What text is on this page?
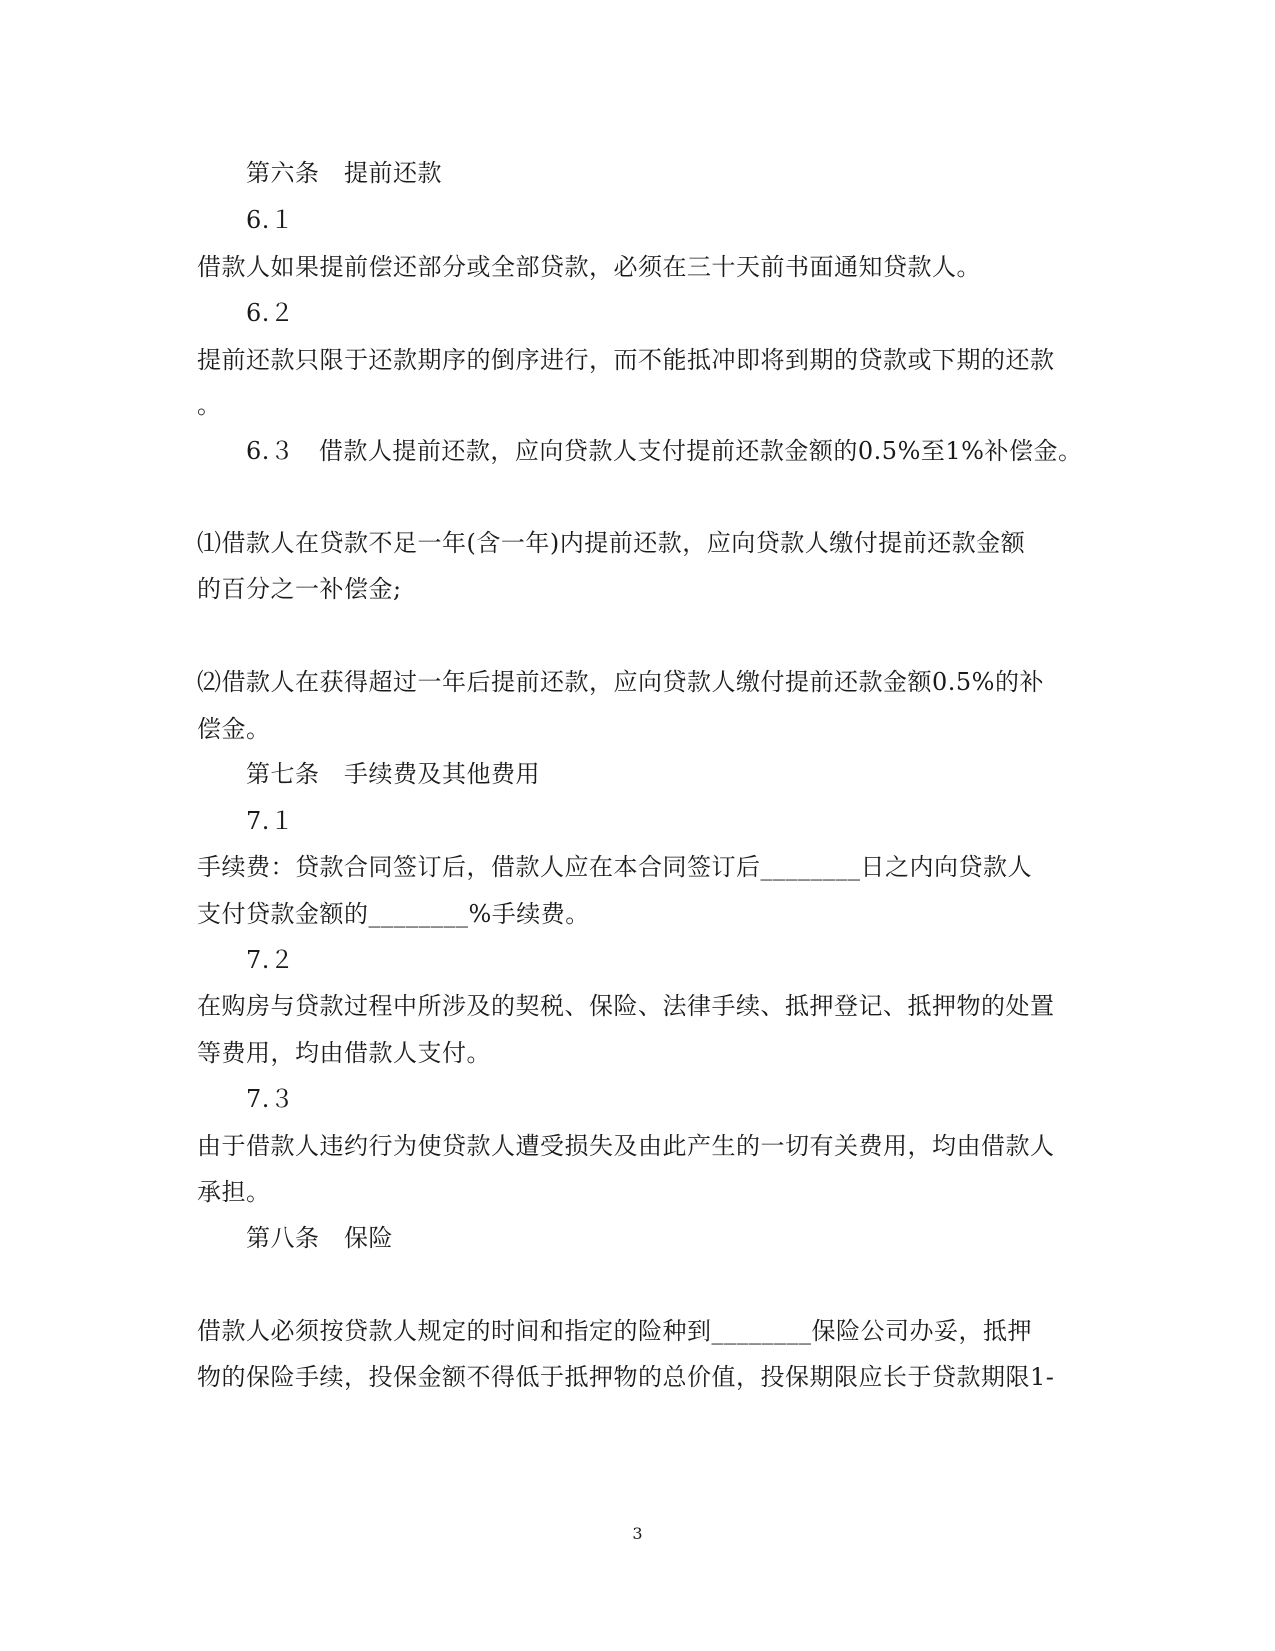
第六条　提前还款
6.１
借款人如果提前偿还部分或全部贷款，必须在三十天前书面通知贷款人。
6.２
提前还款只限于还款期序的倒序进行，而不能抵冲即将到期的贷款或下期的还款
。
6.３　借款人提前还款，应向贷款人支付提前还款金额的0.5%至1%补偿金。
⑴借款人在贷款不足一年(含一年)内提前还款，应向贷款人缴付提前还款金额
的百分之一补偿金;
⑵借款人在获得超过一年后提前还款，应向贷款人缴付提前还款金额0.5%的补
偿金。
第七条　手续费及其他费用
7.１
手续费：贷款合同签订后，借款人应在本合同签订后________日之内向贷款人
支付贷款金额的________%手续费。
7.２
在购房与贷款过程中所涉及的契税、保险、法律手续、抵押登记、抵押物的处置
等费用，均由借款人支付。
7.３
由于借款人违约行为使贷款人遭受损失及由此产生的一切有关费用，均由借款人
承担。
第八条　保险
借款人必须按贷款人规定的时间和指定的险种到________保险公司办妥，抵押
物的保险手续，投保金额不得低于抵押物的总价值，投保期限应长于贷款期限1-
3
